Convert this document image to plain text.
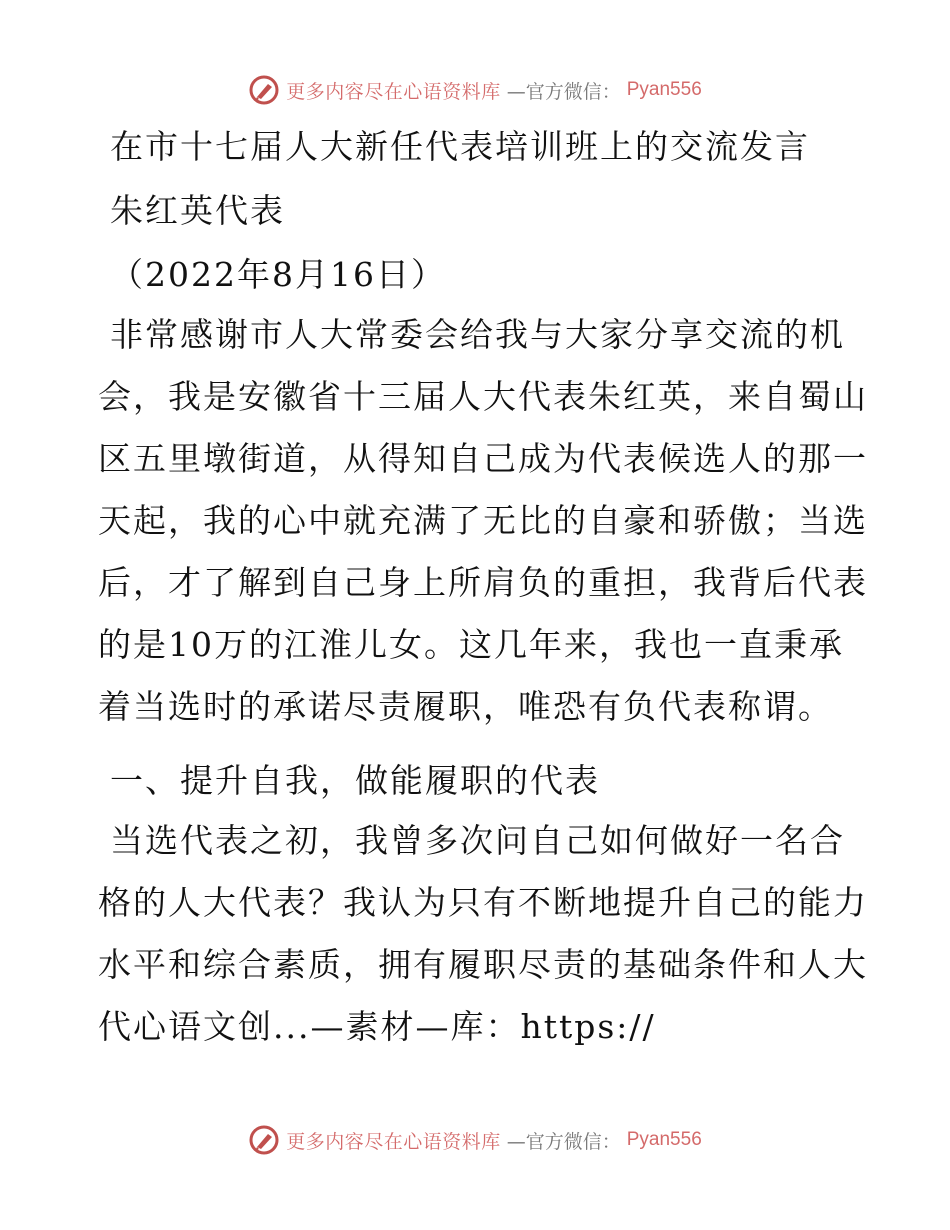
更多内容尽在心语资料库 —官方微信： Pyan556

在市十七届人大新任代表培训班上的交流发言

朱红英代表

（2022年8月16日）

非常感谢市人大常委会给我与大家分享交流的机
会，我是安徽省十三届人大代表朱红英，来自蜀山
区五里墩街道，从得知自己成为代表候选人的那一
天起，我的心中就充满了无比的自豪和骄傲；当选
后，才了解到自己身上所肩负的重担，我背后代表
的是10万的江淮儿女。这几年来，我也一直秉承
着当选时的承诺尽责履职，唯恐有负代表称谓。

一、提升自我，做能履职的代表

当选代表之初，我曾多次问自己如何做好一名合
格的人大代表？我认为只有不断地提升自己的能力
水平和综合素质，拥有履职尽责的基础条件和人大
代心语文创...—素材—库：https://
更多内容尽在心语资料库 —官方微信： Pyan556
